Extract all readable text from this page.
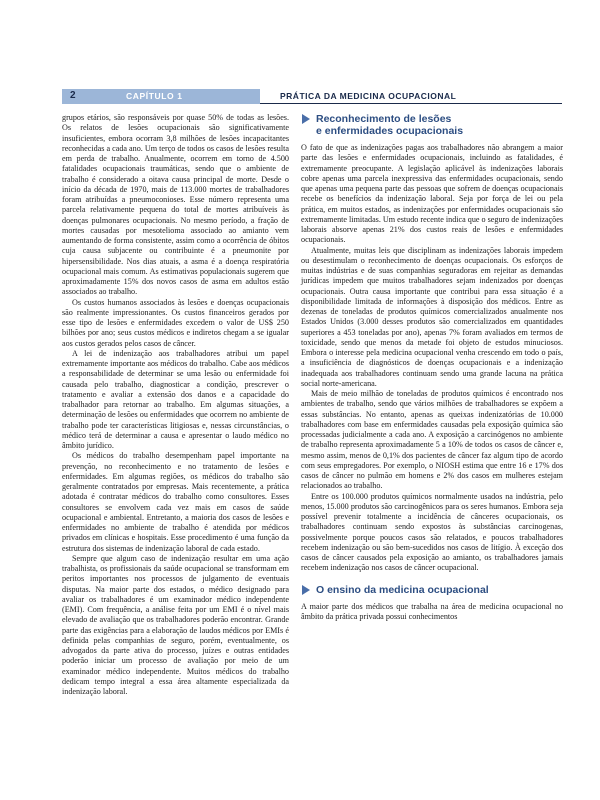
2	CAPÍTULO 1	PRÁTICA DA MEDICINA OCUPACIONAL

grupos etários, são responsáveis por quase 50% de todas as lesões. Os relatos de lesões ocupacionais são significativamente insuficientes, embora ocorram 3,8 milhões de lesões incapacitantes reconhecidas a cada ano. Um terço de todos os casos de lesões resulta em perda de trabalho. Anualmente, ocorrem em torno de 4.500 fatalidades ocupacionais traumáticas, sendo que o ambiente de trabalho é considerado a oitava causa principal de morte. Desde o início da década de 1970, mais de 113.000 mortes de trabalhadores foram atribuídas a pneumoconioses. Esse número representa uma parcela relativamente pequena do total de mortes atribuíveis às doenças pulmonares ocupacionais. No mesmo período, a fração de mortes causadas por mesotelioma associado ao amianto vem aumentando de forma consistente, assim como a ocorrência de óbitos cuja causa subjacente ou contribuinte é a pneumonite por hipersensibilidade. Nos dias atuais, a asma é a doença respiratória ocupacional mais comum. As estimativas populacionais sugerem que aproximadamente 15% dos novos casos de asma em adultos estão associados ao trabalho.

Os custos humanos associados às lesões e doenças ocupacionais são realmente impressionantes. Os custos financeiros gerados por esse tipo de lesões e enfermidades excedem o valor de US$ 250 bilhões por ano; seus custos médicos e indiretos chegam a se igualar aos custos gerados pelos casos de câncer.

A lei de indenização aos trabalhadores atribui um papel extremamente importante aos médicos do trabalho. Cabe aos médicos a responsabilidade de determinar se uma lesão ou enfermidade foi causada pelo trabalho, diagnosticar a condição, prescrever o tratamento e avaliar a extensão dos danos e a capacidade do trabalhador para retornar ao trabalho. Em algumas situações, a determinação de lesões ou enfermidades que ocorrem no ambiente de trabalho pode ter características litigiosas e, nessas circunstâncias, o médico terá de determinar a causa e apresentar o laudo médico no âmbito jurídico.

Os médicos do trabalho desempenham papel importante na prevenção, no reconhecimento e no tratamento de lesões e enfermidades. Em algumas regiões, os médicos do trabalho são geralmente contratados por empresas. Mais recentemente, a prática adotada é contratar médicos do trabalho como consultores. Esses consultores se envolvem cada vez mais em casos de saúde ocupacional e ambiental. Entretanto, a maioria dos casos de lesões e enfermidades no ambiente de trabalho é atendida por médicos privados em clínicas e hospitais. Esse procedimento é uma função da estrutura dos sistemas de indenização laboral de cada estado.

Sempre que algum caso de indenização resultar em uma ação trabalhista, os profissionais da saúde ocupacional se transformam em peritos importantes nos processos de julgamento de eventuais disputas. Na maior parte dos estados, o médico designado para avaliar os trabalhadores é um examinador médico independente (EMI). Com frequência, a análise feita por um EMI é o nível mais elevado de avaliação que os trabalhadores poderão encontrar. Grande parte das exigências para a elaboração de laudos médicos por EMIs é definida pelas companhias de seguro, porém, eventualmente, os advogados da parte ativa do processo, juízes e outras entidades poderão iniciar um processo de avaliação por meio de um examinador médico independente. Muitos médicos do trabalho dedicam tempo integral a essa área altamente especializada da indenização laboral.

Reconhecimento de lesões
e enfermidades ocupacionais

O fato de que as indenizações pagas aos trabalhadores não abrangem a maior parte das lesões e enfermidades ocupacionais, incluindo as fatalidades, é extremamente preocupante. A legislação aplicável às indenizações laborais cobre apenas uma parcela inexpressiva das enfermidades ocupacionais, sendo que apenas uma pequena parte das pessoas que sofrem de doenças ocupacionais recebe os benefícios da indenização laboral. Seja por força de lei ou pela prática, em muitos estados, as indenizações por enfermidades ocupacionais são extremamente limitadas. Um estudo recente indica que o seguro de indenizações laborais absorve apenas 21% dos custos reais de lesões e enfermidades ocupacionais.

Atualmente, muitas leis que disciplinam as indenizações laborais impedem ou desestimulam o reconhecimento de doenças ocupacionais. Os esforços de muitas indústrias e de suas companhias seguradoras em rejeitar as demandas jurídicas impedem que muitos trabalhadores sejam indenizados por doenças ocupacionais. Outra causa importante que contribui para essa situação é a disponibilidade limitada de informações à disposição dos médicos. Entre as dezenas de toneladas de produtos químicos comercializados anualmente nos Estados Unidos (3.000 desses produtos são comercializados em quantidades superiores a 453 toneladas por ano), apenas 7% foram avaliados em termos de toxicidade, sendo que menos da metade foi objeto de estudos minuciosos. Embora o interesse pela medicina ocupacional venha crescendo em todo o país, a insuficiência de diagnósticos de doenças ocupacionais e a indenização inadequada aos trabalhadores continuam sendo uma grande lacuna na prática social norte-americana.

Mais de meio milhão de toneladas de produtos químicos é encontrado nos ambientes de trabalho, sendo que vários milhões de trabalhadores se expõem a essas substâncias. No entanto, apenas as queixas indenizatórias de 10.000 trabalhadores com base em enfermidades causadas pela exposição química são processadas judicialmente a cada ano. A exposição a carcinógenos no ambiente de trabalho representa aproximadamente 5 a 10% de todos os casos de câncer e, mesmo assim, menos de 0,1% dos pacientes de câncer faz algum tipo de acordo com seus empregadores. Por exemplo, o NIOSH estima que entre 16 e 17% dos casos de câncer no pulmão em homens e 2% dos casos em mulheres estejam relacionados ao trabalho.

Entre os 100.000 produtos químicos normalmente usados na indústria, pelo menos, 15.000 produtos são carcinogênicos para os seres humanos. Embora seja possível prevenir totalmente a incidência de cânceres ocupacionais, os trabalhadores continuam sendo expostos às substâncias carcinogenas, possivelmente porque poucos casos são relatados, e poucos trabalhadores recebem indenização ou são bem-sucedidos nos casos de litígio. À exceção dos casos de câncer causados pela exposição ao amianto, os trabalhadores jamais recebem indenização nos casos de câncer ocupacional.

O ensino da medicina ocupacional

A maior parte dos médicos que trabalha na área de medicina ocupacional no âmbito da prática privada possui conhecimentos
